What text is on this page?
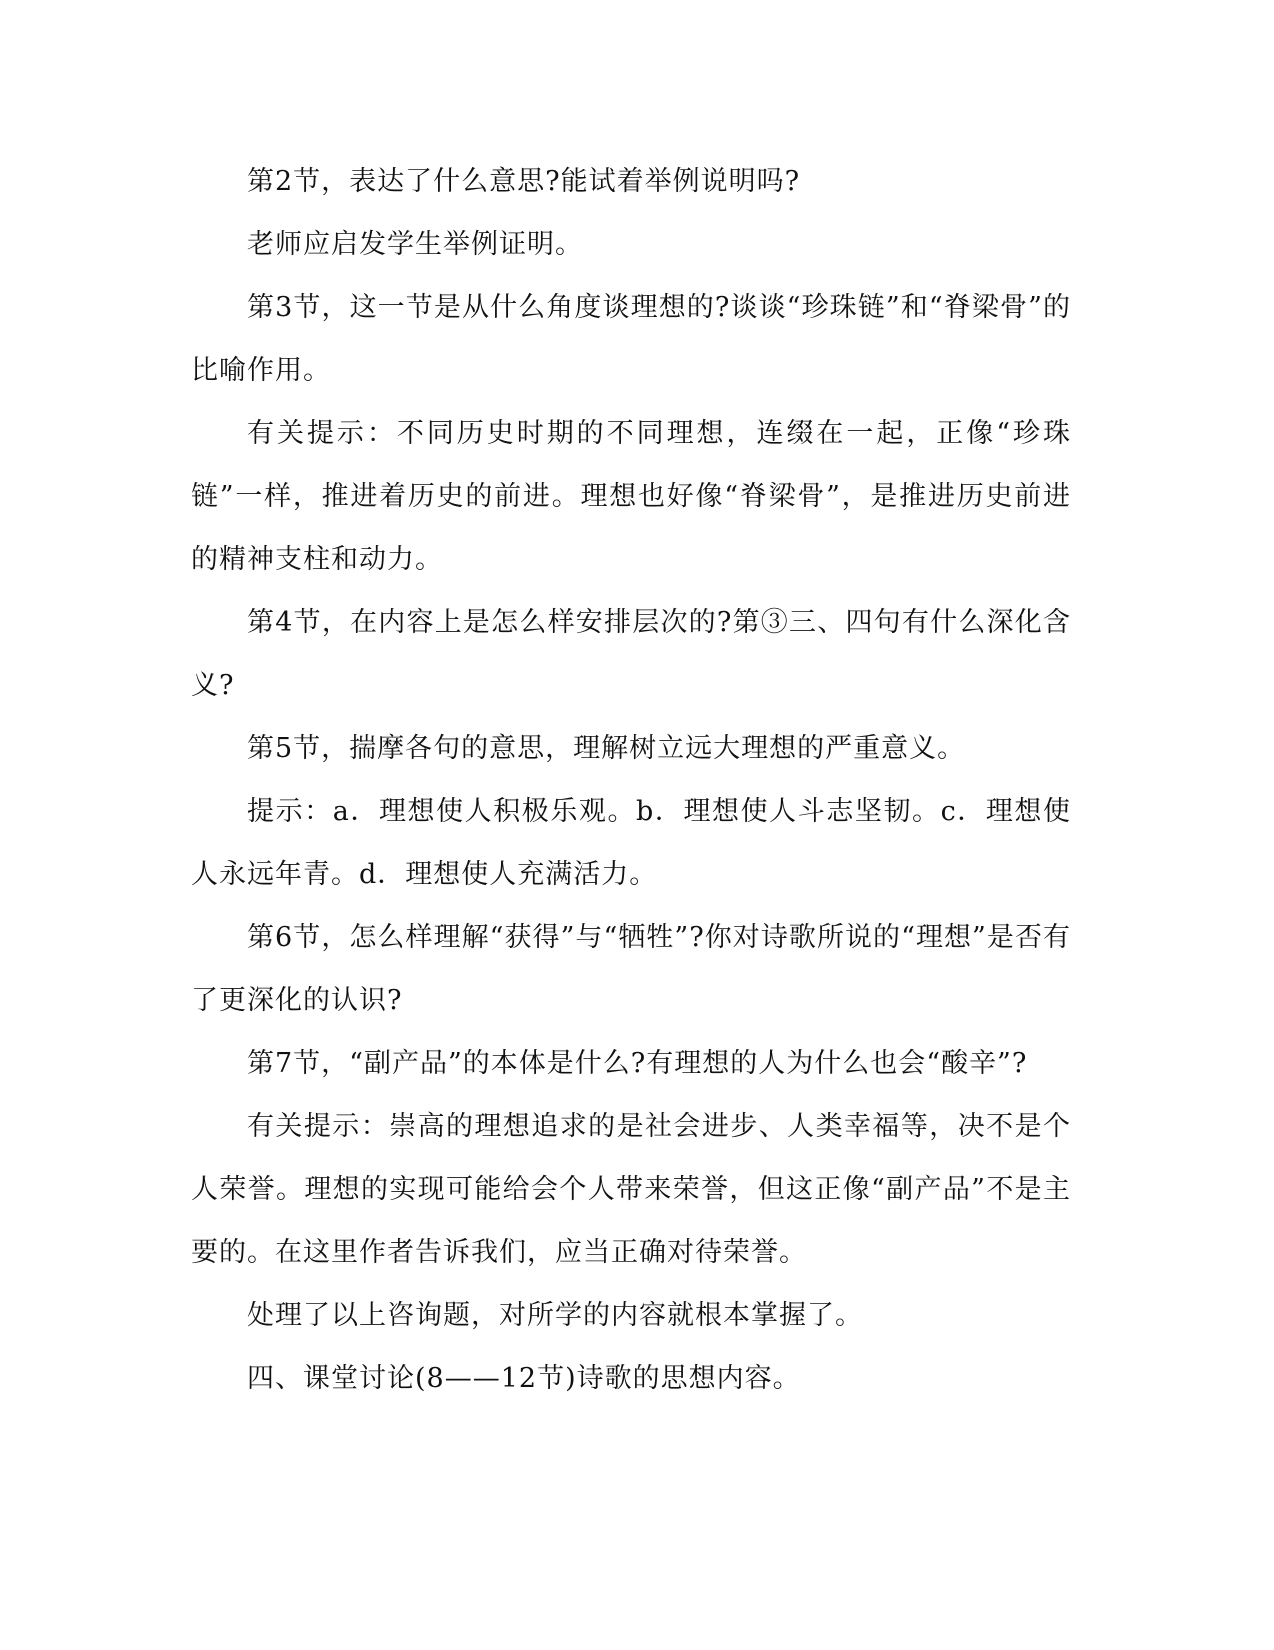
第2节，表达了什么意思?能试着举例说明吗?

老师应启发学生举例证明。

第3节，这一节是从什么角度谈理想的?谈谈“珍珠链”和“脊梁骨”的比喻作用。

有关提示：不同历史时期的不同理想，连缀在一起，正像“珍珠链”一样，推进着历史的前进。理想也好像“脊梁骨”，是推进历史前进的精神支柱和动力。

第4节，在内容上是怎么样安排层次的?第③三、四句有什么深化含义?

第5节，揣摩各句的意思，理解树立远大理想的严重意义。

提示：a．理想使人积极乐观。b．理想使人斗志坚韧。c．理想使人永远年青。d．理想使人充满活力。

第6节，怎么样理解“获得”与“牺牲”?你对诗歌所说的“理想”是否有了更深化的认识?

第7节，“副产品”的本体是什么?有理想的人为什么也会“酸辛”?

有关提示：崇高的理想追求的是社会进步、人类幸福等，决不是个人荣誉。理想的实现可能给会个人带来荣誉，但这正像“副产品”不是主要的。在这里作者告诉我们，应当正确对待荣誉。

处理了以上咨询题，对所学的内容就根本掌握了。

四、课堂讨论(8——12节)诗歌的思想内容。
